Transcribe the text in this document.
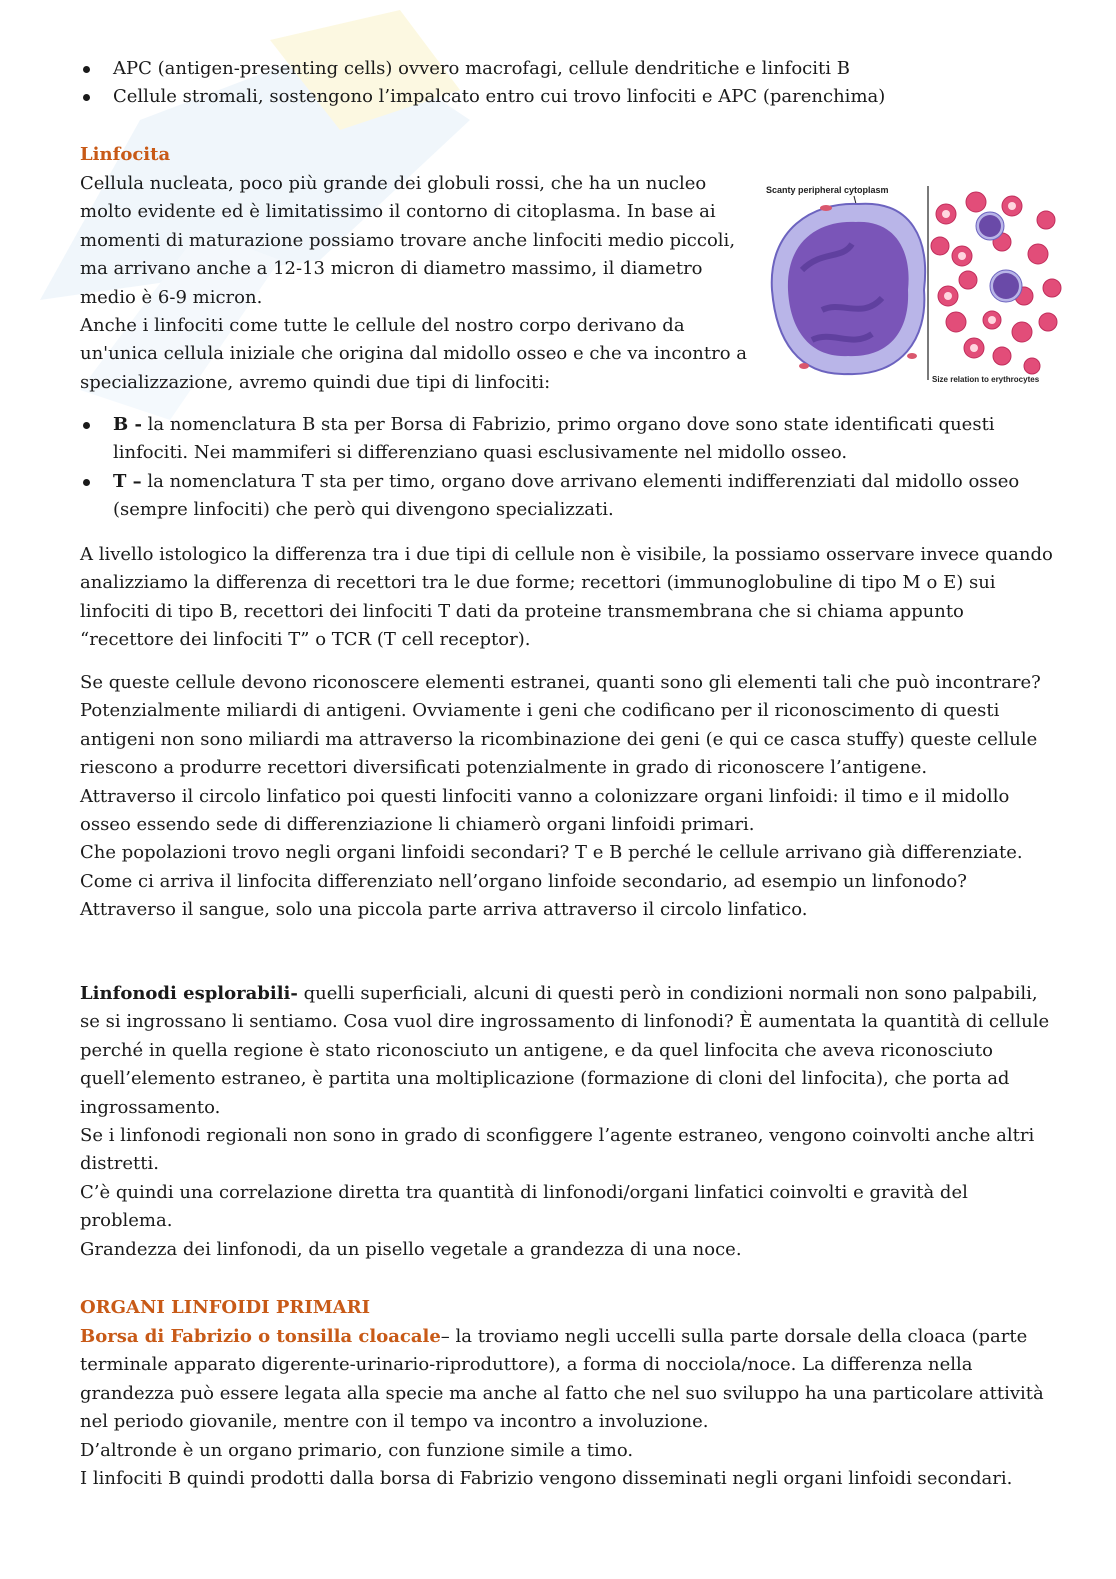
APC (antigen-presenting cells) ovvero macrofagi, cellule dendritiche e linfociti B
Cellule stromali, sostengono l’impalcato entro cui trovo linfociti e APC (parenchima)

Linfocita

Cellula nucleata, poco più grande dei globuli rossi, che ha un nucleo molto evidente ed è limitatissimo il contorno di citoplasma. In base ai momenti di maturazione possiamo trovare anche linfociti medio piccoli, ma arrivano anche a 12-13 micron di diametro massimo, il diametro medio è 6-9 micron.

Anche i linfociti come tutte le cellule del nostro corpo derivano da un'unica cellula iniziale che origina dal midollo osseo e che va incontro a specializzazione, avremo quindi due tipi di linfociti:

Scanty peripheral cytoplasm
Size relation to erythrocytes
B - la nomenclatura B sta per Borsa di Fabrizio, primo organo dove sono state identificati questi linfociti. Nei mammiferi si differenziano quasi esclusivamente nel midollo osseo.
T – la nomenclatura T sta per timo, organo dove arrivano elementi indifferenziati dal midollo osseo (sempre linfociti) che però qui divengono specializzati.

A livello istologico la differenza tra i due tipi di cellule non è visibile, la possiamo osservare invece quando analizziamo la differenza di recettori tra le due forme; recettori (immunoglobuline di tipo M o E) sui linfociti di tipo B, recettori dei linfociti T dati da proteine transmembrana che si chiama appunto “recettore dei linfociti T” o TCR (T cell receptor).

Se queste cellule devono riconoscere elementi estranei, quanti sono gli elementi tali che può incontrare? Potenzialmente miliardi di antigeni. Ovviamente i geni che codificano per il riconoscimento di questi antigeni non sono miliardi ma attraverso la ricombinazione dei geni (e qui ce casca stuffy) queste cellule riescono a produrre recettori diversificati potenzialmente in grado di riconoscere l’antigene.
Attraverso il circolo linfatico poi questi linfociti vanno a colonizzare organi linfoidi: il timo e il midollo osseo essendo sede di differenziazione li chiamerò organi linfoidi primari.
Che popolazioni trovo negli organi linfoidi secondari? T e B perché le cellule arrivano già differenziate.
Come ci arriva il linfocita differenziato nell’organo linfoide secondario, ad esempio un linfonodo?
Attraverso il sangue, solo una piccola parte arriva attraverso il circolo linfatico.
Linfonodi esplorabili- quelli superficiali, alcuni di questi però in condizioni normali non sono palpabili, se si ingrossano li sentiamo. Cosa vuol dire ingrossamento di linfonodi? È aumentata la quantità di cellule perché in quella regione è stato riconosciuto un antigene, e da quel linfocita che aveva riconosciuto quell’elemento estraneo, è partita una moltiplicazione (formazione di cloni del linfocita), che porta ad ingrossamento.
Se i linfonodi regionali non sono in grado di sconfiggere l’agente estraneo, vengono coinvolti anche altri distretti.
C’è quindi una correlazione diretta tra quantità di linfonodi/organi linfatici coinvolti e gravità del problema.
Grandezza dei linfonodi, da un pisello vegetale a grandezza di una noce.

ORGANI LINFOIDI PRIMARI

Borsa di Fabrizio o tonsilla cloacale– la troviamo negli uccelli sulla parte dorsale della cloaca (parte terminale apparato digerente-urinario-riproduttore), a forma di nocciola/noce. La differenza nella grandezza può essere legata alla specie ma anche al fatto che nel suo sviluppo ha una particolare attività nel periodo giovanile, mentre con il tempo va incontro a involuzione.
D’altronde è un organo primario, con funzione simile a timo.
I linfociti B quindi prodotti dalla borsa di Fabrizio vengono disseminati negli organi linfoidi secondari.
